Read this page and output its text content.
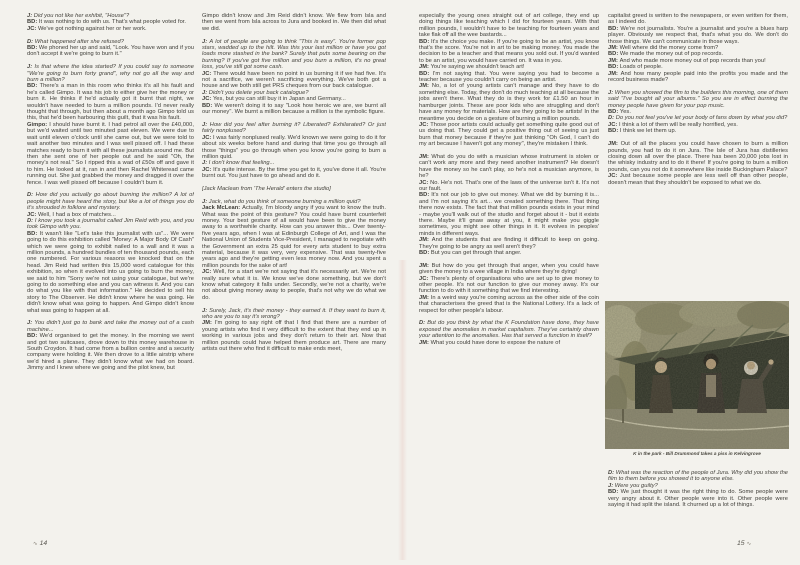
J: Did you not like her exhibit, "House"?

BD: It was nothing to do with us. That's what people voted for.

JC: We've got nothing against her or her work.

D: What happened after she refused?

BD: We phoned her up and said, "Look. You have won and if you don't accept it we're going to burn it."

J: Is that where the idea started? If you could say to someone "We're going to burn forty grand", why not go all the way and burn a million?

BD: There's a man in this room who thinks it's all his fault and he's called Gimpo. It was his job to either give her the money or burn it. He thinks if he'd actually got it burnt that night, we wouldn't have needed to burn a million pounds. I'd never really thought that through, but then about a month ago Gimpo told us this, that he'd been harbouring this guilt, that it was his fault.

Gimpo: I should have burnt it. I had petrol all over the £40,000, but we'd waited until two minuted past eleven. We were due to wait until eleven o'clock until she came out, but we were told to wait another two minutes and I was well pissed off. I had these matches ready to burn it with all these journalists around me. But then she sent one of her people out and he said "Oh, the money's not real." So I ripped this a wad of £50s off and gave it to him. He looked at it, ran in and then Rachel Whiteread came running out. She just grabbed the money and dragged it over the fence. I was well pissed off because I couldn't burn it.

D: How did you actually go about burning the million? A lot of people might have heard the story, but like a lot of things you do it's shrouded in folklore and mystery.

JC: Well, I had a box of matches...

D: I know you took a journalist called Jim Reid with you, and you took Gimpo with you.

BD: It wasn't like "Let's take this journalist with us"... We were going to do this exhibition called "Money: A Major Body Of Cash" which we were going to exhibit nailed to a wall and it was a million pounds, a hundred bundles of ten thousand pounds, each one numbered. For various reasons we knocked that on the head. Jim Reid had written this 15,000 word catalogue for this exhibition, so when it evolved into us going to burn the money, we said to him "Sorry we're not using your catalogue, but we're going to do something else and you can witness it. And you can do what you like with that information." He decided to sell his story to The Observer. He didn't know where he was going. He didn't know what was going to happen. And Gimpo didn't know what was going to happen at all.

J: You didn't just go to bank and take the money out of a cash machine...

BD: We'd organised to get the money. In the morning we went and got two suitcases, drove down to this money warehouse in South Croydon. It had come from a bullion centre and a security company were holding it. We then drove to a little airstrip where we'd hired a plane. They didn't know what we had on board. Jimmy and I knew where we going and the pilot knew, but

Gimpo didn't know and Jim Reid didn't know. We flew from Isla and then we went from Isla across to Jura and booked in. We then did what we did.

J: A lot of people are going to think "This is easy". You're former pop stars, wadded up to the hilt. Was this your last million or have you got loads more stashed in the bank? Surely that puts some bearing on the burning? If you've got five million and you burn a million, it's no great loss, you've still got some cash.

JC: There would have been no point in us burning it if we had five. It's not a sacrifice, we weren't sacrificing everything. We've both got a house and we both still get PRS cheques from our back catalogue.

J: Didn't you delete your back catalogue?

JC: Yes, but you can still buy it in Japan and Germany...

BD: We weren't doing it to say "Look how heroic we are, we burnt all our money". We burnt a million because a million is the symbolic figure.

J: How did you feel after burning it? Liberated? Exhilarated? Or just fairly nonplused?

JC: I was fairly nonplused really. We'd known we were going to do it for about six weeks before hand and during that time you go through all those "things" you go through when you know you're going to burn a million quid.

J: I don't know that feeling...

JC: It's quite intense. By the time you get to it, you've done it all. You're burnt out. You just have to go ahead and do it.

[Jack Maclean from 'The Herald' enters the studio]

J: Jack, what do you think of someone burning a million quid?

Jack McLean: Actually, I'm bloody angry if you want to know the truth. What was the point of this gesture? You could have burnt counterfeit money. Your best gesture of all would have been to give the money away to a worthwhile charity. How can you answer this... Over twenty-five years ago, when I was at Edinburgh College of Art, and I was the National Union of Students Vice-President, I managed to negotiate with the Government an extra 25 quid for every arts student to buy extra material, because it was very, very expensive. That was twenty-five years ago and they're getting even less money now. And you spent a million pounds for the sake of art!

JC: Well, for a start we're not saying that it's necessarily art. We're not really sure what it is. We know we've done something, but we don't know what category it falls under. Secondly, we're not a charity, we're not about giving money away to people, that's not why we do what we do.

J: Surely, Jack, it's their money - they earned it. If they want to burn it, who are you to say it's wrong?

JM: I'm going to say right off that I find that there are a number of young artists who find it very difficult to the extent that they end up in working in various jobs and they don't return to their art. Now that million pounds could have helped them produce art. There are many artists out there who find it difficult to make ends meet,

especially the young ones straight out of art college, they end up doing things like teaching which I did for fourteen years. With that million pounds, I wouldn't have to be teaching for fourteen years and take flak off all the wee bastards...

BD: It's the choice you make. If you're going to be an artist, you know that's the score. You're not in art to be making money. You made the decision to be a teacher and that means you sold out. If you'd wanted to be an artist, you would have carried on. It was in you.

JM: You're saying we shouldn't teach art!

BD: I'm not saying that. You were saying you had to become a teacher because you couldn't carry on being an artist.

JM: No, a lot of young artists can't manage and they have to do something else. Today, they don't do much teaching at all because the jobs aren't there. What they do is they work for £1.50 an hour in hamburger joints. These are poor kids who are struggling and don't have any money for materials. How are they going to be artists! In the meantime you decide on a gesture of burning a million pounds.

JC: Those poor artists could actually get something quite good out of us doing that. They could get a positive thing out of seeing us just burn that money because if they're just thinking "Oh God, I can't do my art because I haven't got any money", they're mistaken I think.

JM: What do you do with a musician whose instrument is stolen or can't work any more and they need another instrument? He doesn't have the money so he can't play, so he's not a musician anymore, is he?

JC: No. He's not. That's one of the laws of the universe isn't it. It's not our fault.

BD: It's not our job to give out money. What we did by burning it is... and I'm not saying it's art... we created something there. That thing there now exists. The fact that that million pounds exists in your mind - maybe you'll walk out of the studio and forget about it - but it exists there. Maybe it'll gnaw away at you, it might make you giggle sometimes, you might see other things in it. It evolves in peoples' minds in different ways.

JM: And the students that are finding it difficult to keep on going. They're going to be angry as well aren't they?

BD: But you can get through that anger.

JM: But how do you get through that anger, when you could have given the money to a wee village in India where they're dying!

JC: There's plenty of organisations who are set up to give money to other people. It's not our function to give our money away. It's our function to do with it something that we find interesting.

JM: In a weird way you're coming across as the other side of the coin that characterises the greed that is the National Lottery. It's a lack of respect for other people's labour.

D: But do you think by what the K Foundation have done, they have exposed the anomalies in market capitalism. They've certainly drawn your attention to the anomalies. Has that served a function in itself?

JM: What you could have done to expose the nature of

capitalist greed is written to the newspapers, or even written for them, as I indeed do.

BD: We're not journalists. You're a journalist and you're a blues harp player. Obviously we respect that, that's what you do. We don't do those things. We can't communicate in those ways.

JM: Well where did the money come from?

BD: We made the money out of pop records.

JM: And who made more money out of pop records than you!

BD: Loads of people.

JM: And how many people paid into the profits you made and the record business made?

J: When you showed the film to the builders this morning, one of them said "I've bought all your albums." So you are in effect burning the money people have given for your pop music.

BD: Yes.

D: Do you not feel you've let your body of fans down by what you did?

JC: I think a lot of them will be really horrified, yes.

BD: I think we let them up.

JM: Out of all the places you could have chosen to burn a million pounds, you had to do it on Jura. The Isle of Jura has distilleries closing down all over the place. There has been 20,000 jobs lost in the whisky industry and to do it there! If you're going to burn a million pounds, can you not do it somewhere like inside Buckingham Palace?

JC: Just because some people are less well off than other people, doesn't mean that they shouldn't be exposed to what we do.

K in the park - Bill Drummond takes a piss in Kelvingrove

D: What was the reaction of the people of Jura. Why did you show the film to them before you showed it to anyone else.

J: Were you guilty?

BD: We just thought it was the right thing to do. Some people were very angry about it. Other people were into it. Other people were saying it had split the island. It churned up a lot of things.

∿ 14	15 ∿
